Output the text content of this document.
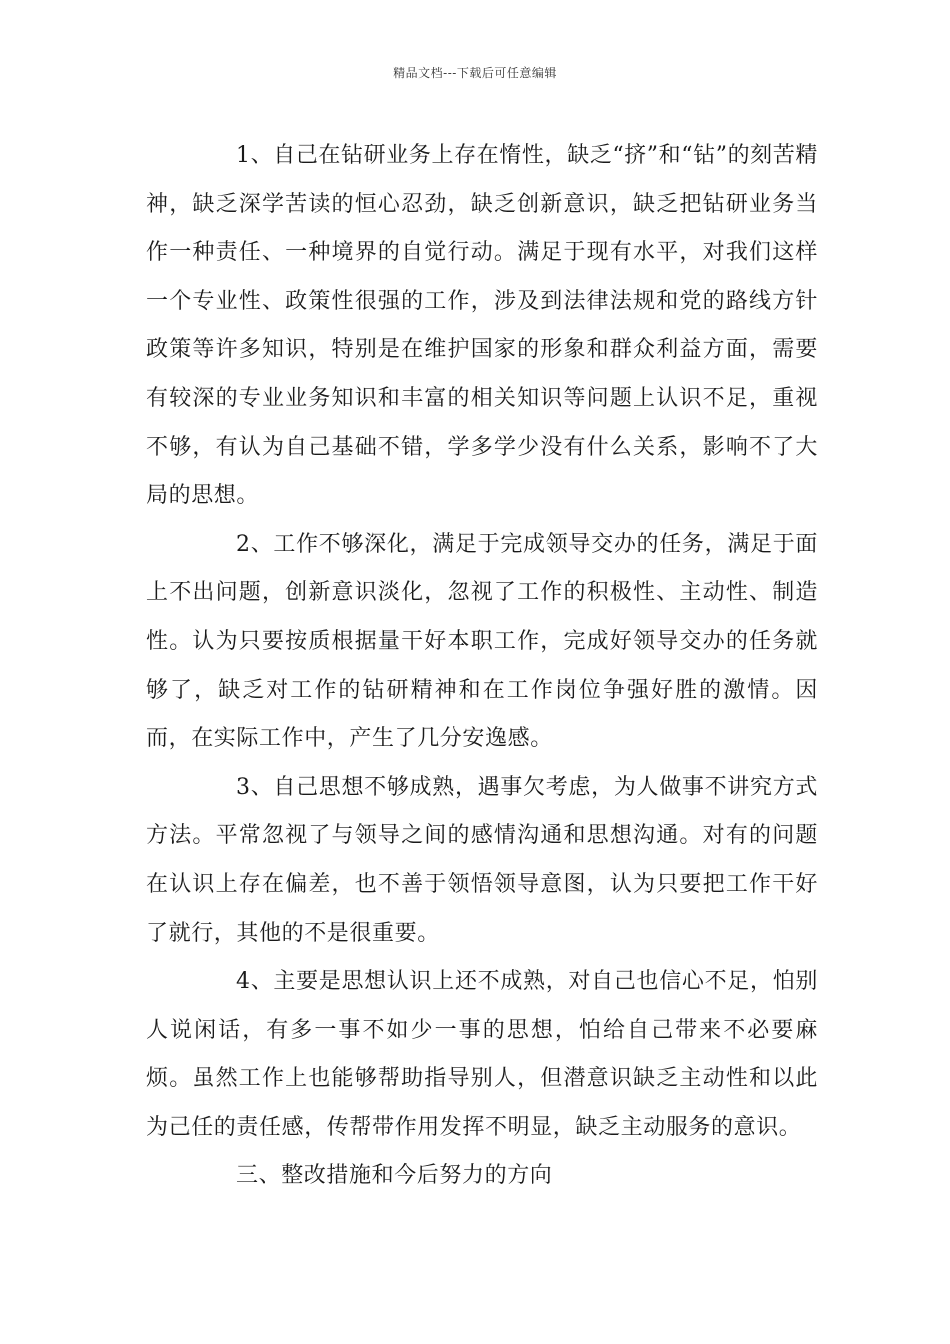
精品文档---下载后可任意编辑

1、自己在钻研业务上存在惰性，缺乏“挤”和“钻”的刻苦精神，缺乏深学苦读的恒心忍劲，缺乏创新意识，缺乏把钻研业务当作一种责任、一种境界的自觉行动。满足于现有水平，对我们这样一个专业性、政策性很强的工作，涉及到法律法规和党的路线方针政策等许多知识，特别是在维护国家的形象和群众利益方面，需要有较深的专业业务知识和丰富的相关知识等问题上认识不足，重视不够，有认为自己基础不错，学多学少没有什么关系，影响不了大局的思想。

2、工作不够深化，满足于完成领导交办的任务，满足于面上不出问题，创新意识淡化，忽视了工作的积极性、主动性、制造性。认为只要按质根据量干好本职工作，完成好领导交办的任务就够了，缺乏对工作的钻研精神和在工作岗位争强好胜的激情。因而，在实际工作中，产生了几分安逸感。

3、自己思想不够成熟，遇事欠考虑，为人做事不讲究方式方法。平常忽视了与领导之间的感情沟通和思想沟通。对有的问题在认识上存在偏差，也不善于领悟领导意图，认为只要把工作干好了就行，其他的不是很重要。

4、主要是思想认识上还不成熟，对自己也信心不足，怕别人说闲话，有多一事不如少一事的思想，怕给自己带来不必要麻烦。虽然工作上也能够帮助指导别人，但潜意识缺乏主动性和以此为己任的责任感，传帮带作用发挥不明显，缺乏主动服务的意识。

三、整改措施和今后努力的方向
